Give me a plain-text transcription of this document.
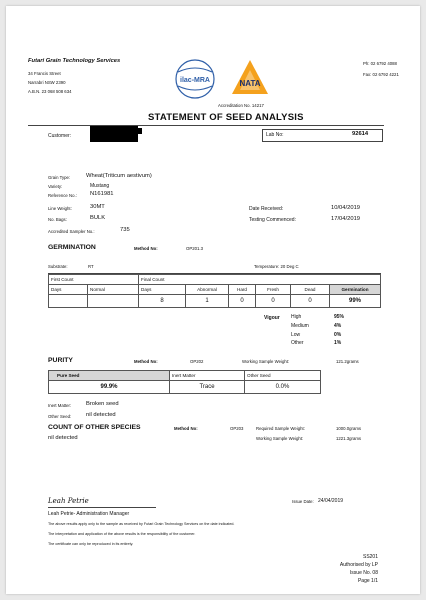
Futari Grain Technology Services
34 Francis Street
Narrabri NSW 2390
A.B.N. 23 068 508 634
Ph: 02 6792 4088
Fax: 02 6792 4221
ilac-MRA	NATA
Accreditation No. 14217
STATEMENT OF SEED ANALYSIS
Customer:	Lab No:	92614
Grain Type:	Wheat(Triticum aestivum)
Variety:	Mustang
Reference No.: N161981
Line Weight:	30MT
No. Bags:	BULK
Accredited Sampler No.:	735
Date Received:	10/04/2019
Testing Commenced:	17/04/2019
GERMINATION	Method No:	OP201.3
Substrate:	RT	Temperature: 20 Deg C
First Count		Final Count					
Days	Normal	Days	Abnormal	Hard	Fresh	Dead	Germination
		8	1	0	0	0	99%
Vigour High	95%
Medium	4%
Low	0%
Other	1%
PURITY	Method No:	OP202	Working Sample Weight:	121.2grams
Pure Seed	Inert Matter	Other Seed
99.9%	Trace	0.0%
Inert Matter:	Broken seed
Other Seed:	nil detected
COUNT OF OTHER SPECIES	Method No:	OP203	Required Sample Weight:	1000.0grams
nil detected	Working Sample Weight:	1221.3grams
Leah Petrie
Leah Petrie- Administration Manager
Issue Date: 24/04/2019
The above results apply only to the sample as received by Futari Grain Technology Services on the date indicated.
The interpretation and application of the above results is the responsibility of the customer.
The certificate can only be reproduced in its entirety.
SS201
Authorised by LP
Issue No. 08
Page 1/1
